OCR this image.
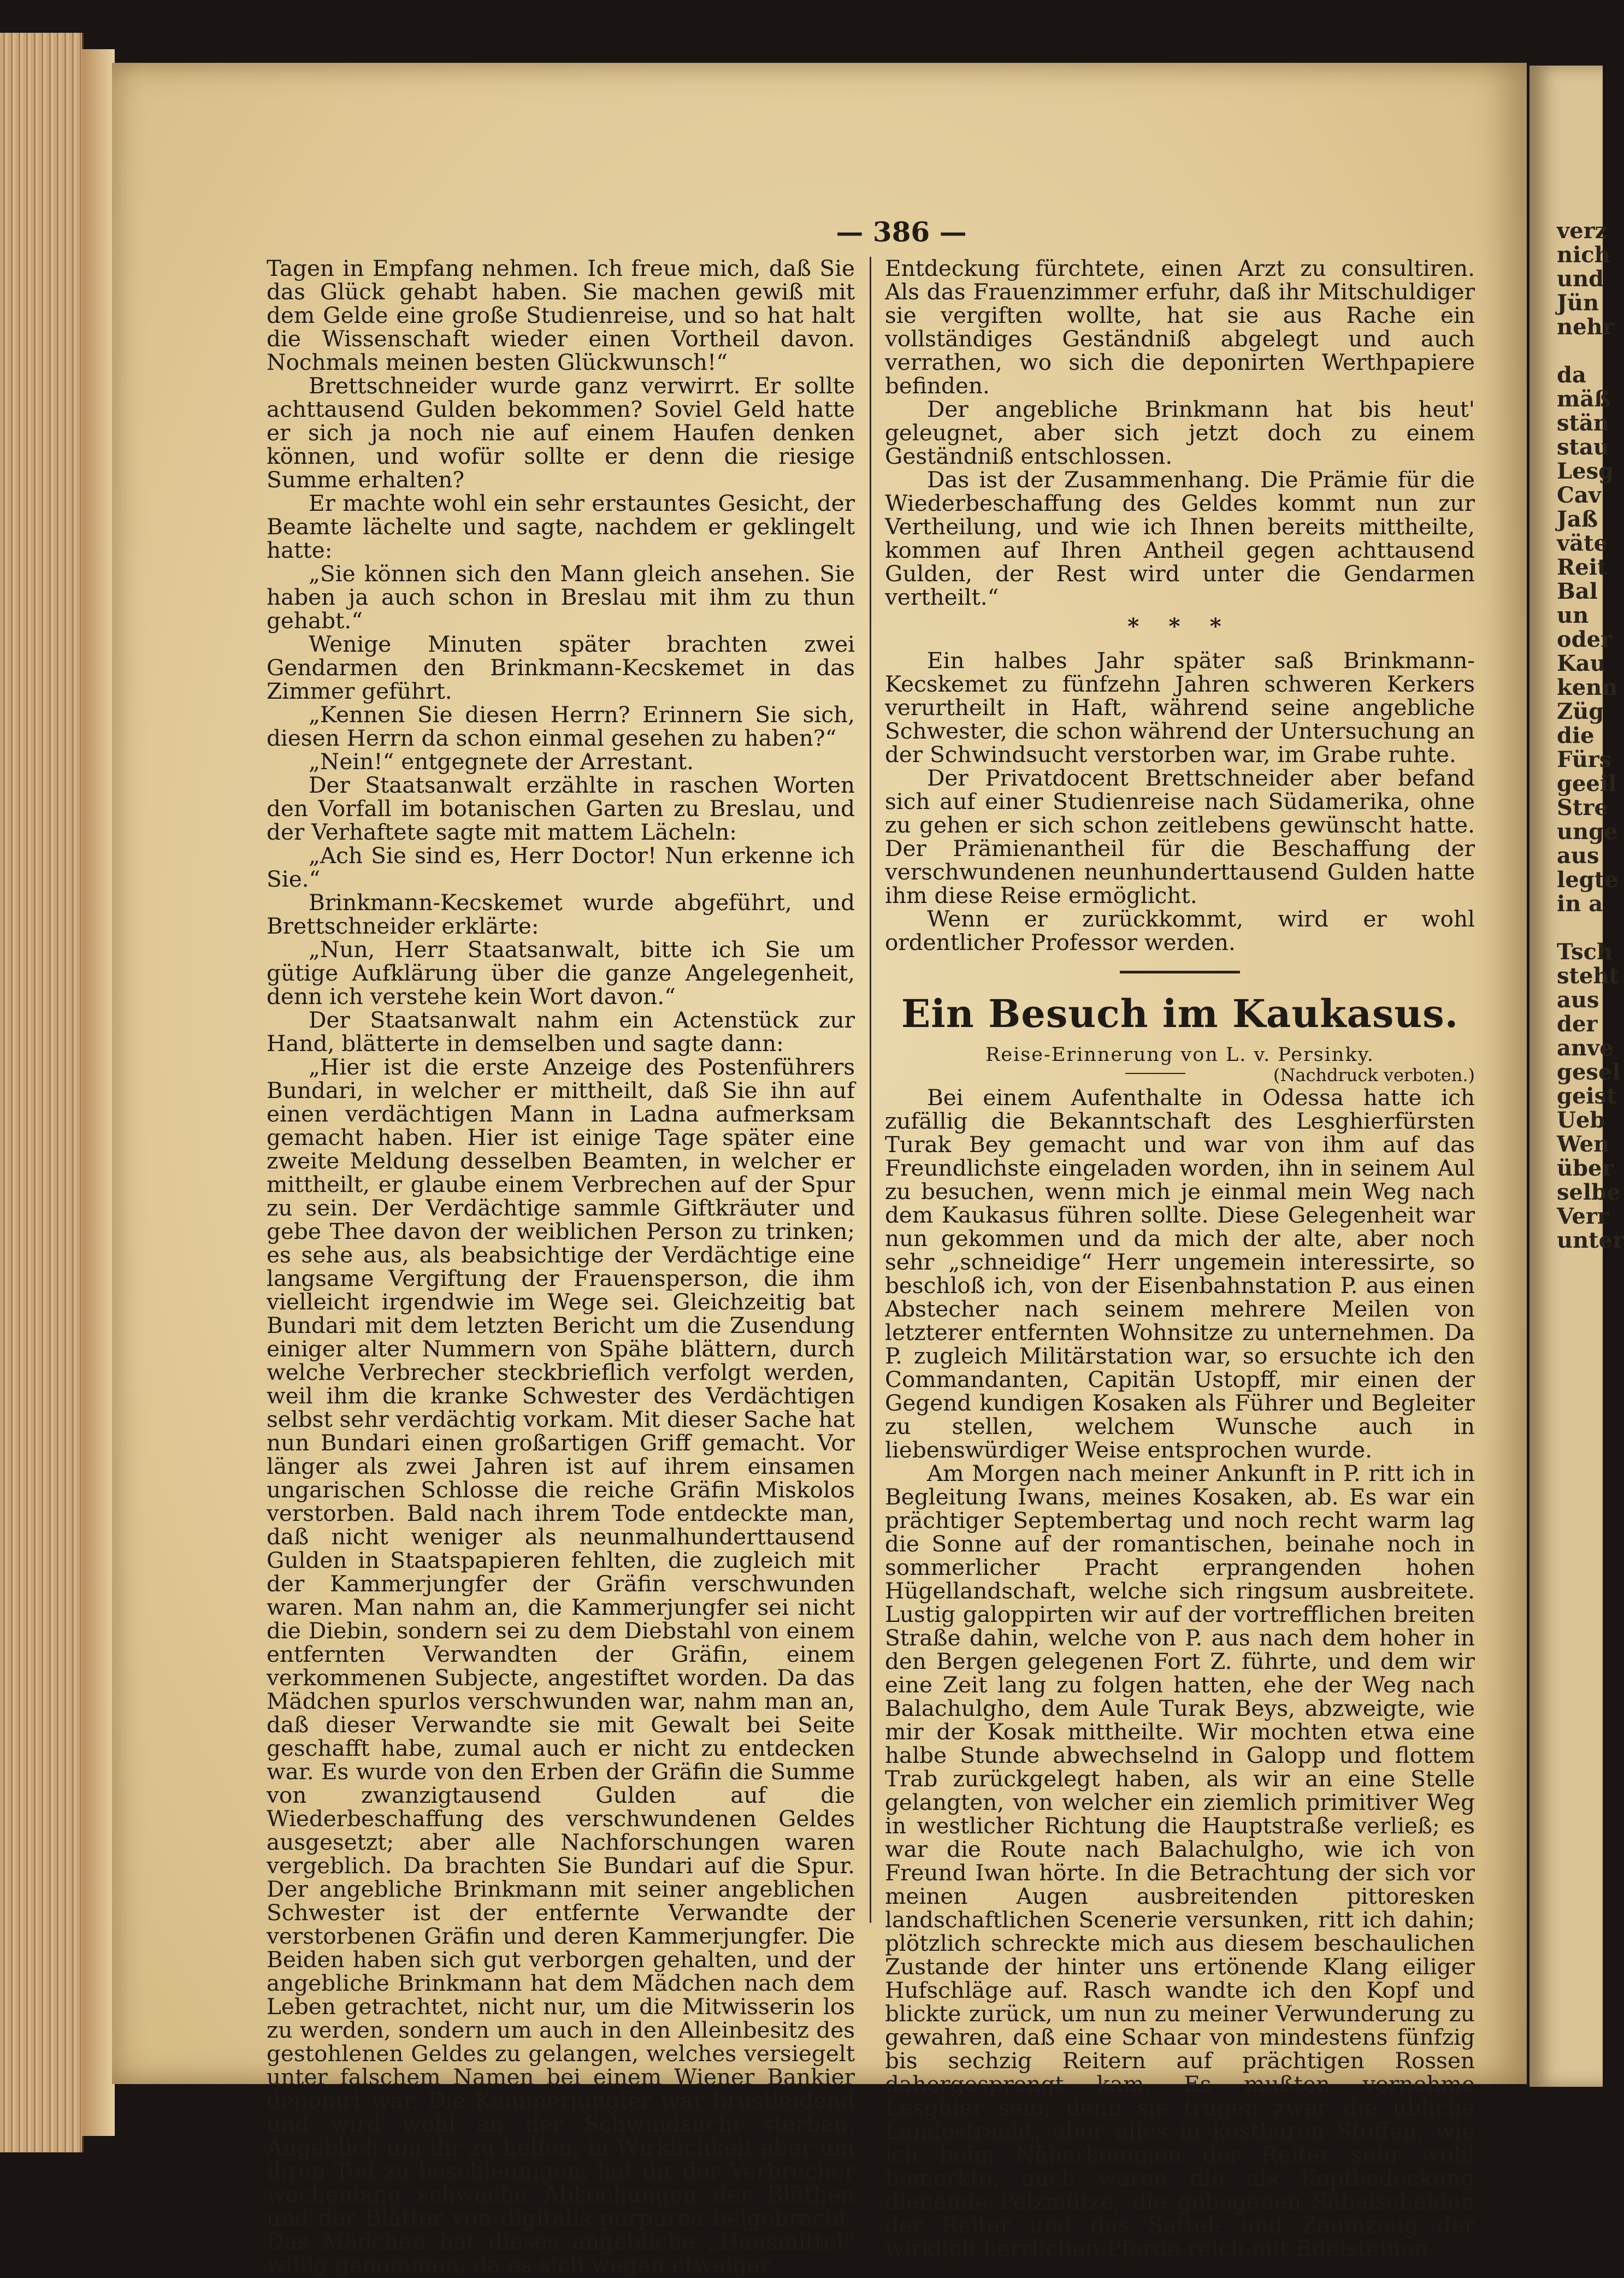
verz
nich
und
Jün
nehr
da
mäß
stän
stau
Lesg
Cav
Jaß
väte
Reit
Bal
un
oder
Kau
kenn
Züg
die
Fürs
geeil
Stre
unge
aus
legte
in a
Tsch
steht
aus
der
anve
gesel
geist
Ueb
Wen
über
selbe
Verr
unter
— 386 —

Tagen in Empfang nehmen. Ich freue mich, daß Sie das Glück gehabt haben. Sie machen gewiß mit dem Gelde eine große Studienreise, und so hat halt die Wissenschaft wieder einen Vortheil davon. Nochmals meinen besten Glückwunsch!“

Brettschneider wurde ganz verwirrt. Er sollte achttausend Gulden bekommen? Soviel Geld hatte er sich ja noch nie auf einem Haufen denken können, und wofür sollte er denn die riesige Summe erhalten?

Er machte wohl ein sehr erstauntes Gesicht, der Beamte lächelte und sagte, nachdem er geklingelt hatte:

„Sie können sich den Mann gleich ansehen. Sie haben ja auch schon in Breslau mit ihm zu thun gehabt.“

Wenige Minuten später brachten zwei Gendarmen den Brinkmann-Kecskemet in das Zimmer geführt.

„Kennen Sie diesen Herrn? Erinnern Sie sich, diesen Herrn da schon einmal gesehen zu haben?“

„Nein!“ entgegnete der Arrestant.

Der Staatsanwalt erzählte in raschen Worten den Vorfall im botanischen Garten zu Breslau, und der Verhaftete sagte mit mattem Lächeln:

„Ach Sie sind es, Herr Doctor! Nun erkenne ich Sie.“

Brinkmann-Kecskemet wurde abgeführt, und Brettschneider erklärte:

„Nun, Herr Staatsanwalt, bitte ich Sie um gütige Aufklärung über die ganze Angelegenheit, denn ich verstehe kein Wort davon.“

Der Staatsanwalt nahm ein Actenstück zur Hand, blätterte in demselben und sagte dann:

„Hier ist die erste Anzeige des Postenführers Bundari, in welcher er mittheilt, daß Sie ihn auf einen verdächtigen Mann in Ladna aufmerksam gemacht haben. Hier ist einige Tage später eine zweite Meldung desselben Beamten, in welcher er mittheilt, er glaube einem Verbrechen auf der Spur zu sein. Der Verdächtige sammle Giftkräuter und gebe Thee davon der weiblichen Person zu trinken; es sehe aus, als beabsichtige der Verdächtige eine langsame Vergiftung der Frauensperson, die ihm vielleicht irgendwie im Wege sei. Gleichzeitig bat Bundari mit dem letzten Bericht um die Zusendung einiger alter Nummern von Spähe blättern, durch welche Verbrecher steckbrieflich verfolgt werden, weil ihm die kranke Schwester des Verdächtigen selbst sehr verdächtig vorkam. Mit dieser Sache hat nun Bundari einen großartigen Griff gemacht. Vor länger als zwei Jahren ist auf ihrem einsamen ungarischen Schlosse die reiche Gräfin Miskolos verstorben. Bald nach ihrem Tode entdeckte man, daß nicht weniger als neunmalhunderttausend Gulden in Staatspapieren fehlten, die zugleich mit der Kammerjungfer der Gräfin verschwunden waren. Man nahm an, die Kammerjungfer sei nicht die Diebin, sondern sei zu dem Diebstahl von einem entfernten Verwandten der Gräfin, einem verkommenen Subjecte, angestiftet worden. Da das Mädchen spurlos verschwunden war, nahm man an, daß dieser Verwandte sie mit Gewalt bei Seite geschafft habe, zumal auch er nicht zu entdecken war. Es wurde von den Erben der Gräfin die Summe von zwanzigtausend Gulden auf die Wiederbeschaffung des verschwundenen Geldes ausgesetzt; aber alle Nachforschungen waren vergeblich. Da brachten Sie Bundari auf die Spur. Der angebliche Brinkmann mit seiner angeblichen Schwester ist der entfernte Verwandte der verstorbenen Gräfin und deren Kammerjungfer. Die Beiden haben sich gut verborgen gehalten, und der angebliche Brinkmann hat dem Mädchen nach dem Leben getrachtet, nicht nur, um die Mitwisserin los zu werden, sondern um auch in den Alleinbesitz des gestohlenen Geldes zu gelangen, welches versiegelt unter falschem Namen bei einem Wiener Bankier deponirt war. Die Kammerjungfer war brustleidend und wird wohl an der Schwindsucht sterben. Angeblich um ihr zu helfen, in Wirklichkeit aber um ihren Tod zu beschleunigen, hat ihr der Verbrecher wochenlang schwache Abkochungen der Blüthen und der Blätter von digitalis purpurea beigebracht. Das Mädchen hat dieses angebliche „Hausmittel“ willig genommen, da es sich wegen etwaiger

Entdeckung fürchtete, einen Arzt zu consultiren. Als das Frauenzimmer erfuhr, daß ihr Mitschuldiger sie vergiften wollte, hat sie aus Rache ein vollständiges Geständniß abgelegt und auch verrathen, wo sich die deponirten Werthpapiere befinden.

Der angebliche Brinkmann hat bis heut' geleugnet, aber sich jetzt doch zu einem Geständniß entschlossen.

Das ist der Zusammenhang. Die Prämie für die Wiederbeschaffung des Geldes kommt nun zur Vertheilung, und wie ich Ihnen bereits mittheilte, kommen auf Ihren Antheil gegen achttausend Gulden, der Rest wird unter die Gendarmen vertheilt.“

* * *

Ein halbes Jahr später saß Brinkmann-Kecskemet zu fünfzehn Jahren schweren Kerkers verurtheilt in Haft, während seine angebliche Schwester, die schon während der Untersuchung an der Schwindsucht verstorben war, im Grabe ruhte.

Der Privatdocent Brettschneider aber befand sich auf einer Studienreise nach Südamerika, ohne zu gehen er sich schon zeitlebens gewünscht hatte. Der Prämienantheil für die Beschaffung der verschwundenen neunhunderttausend Gulden hatte ihm diese Reise ermöglicht.

Wenn er zurückkommt, wird er wohl ordentlicher Professor werden.

Ein Besuch im Kaukasus.
Reise-Erinnerung von L. v. Persinky.
(Nachdruck verboten.)

Bei einem Aufenthalte in Odessa hatte ich zufällig die Bekanntschaft des Lesghierfürsten Turak Bey gemacht und war von ihm auf das Freundlichste eingeladen worden, ihn in seinem Aul zu besuchen, wenn mich je einmal mein Weg nach dem Kaukasus führen sollte. Diese Gelegenheit war nun gekommen und da mich der alte, aber noch sehr „schneidige“ Herr ungemein interessirte, so beschloß ich, von der Eisenbahnstation P. aus einen Abstecher nach seinem mehrere Meilen von letzterer entfernten Wohnsitze zu unternehmen. Da P. zugleich Militärstation war, so ersuchte ich den Commandanten, Capitän Ustopff, mir einen der Gegend kundigen Kosaken als Führer und Begleiter zu stellen, welchem Wunsche auch in liebenswürdiger Weise entsprochen wurde.

Am Morgen nach meiner Ankunft in P. ritt ich in Begleitung Iwans, meines Kosaken, ab. Es war ein prächtiger Septembertag und noch recht warm lag die Sonne auf der romantischen, beinahe noch in sommerlicher Pracht erprangenden hohen Hügellandschaft, welche sich ringsum ausbreitete. Lustig galoppirten wir auf der vortrefflichen breiten Straße dahin, welche von P. aus nach dem hoher in den Bergen gelegenen Fort Z. führte, und dem wir eine Zeit lang zu folgen hatten, ehe der Weg nach Balachulgho, dem Aule Turak Beys, abzweigte, wie mir der Kosak mittheilte. Wir mochten etwa eine halbe Stunde abwechselnd in Galopp und flottem Trab zurückgelegt haben, als wir an eine Stelle gelangten, von welcher ein ziemlich primitiver Weg in westlicher Richtung die Hauptstraße verließ; es war die Route nach Balachulgho, wie ich von Freund Iwan hörte. In die Betrachtung der sich vor meinen Augen ausbreitenden pittoresken landschaftlichen Scenerie versunken, ritt ich dahin; plötzlich schreckte mich aus diesem beschaulichen Zustande der hinter uns ertönende Klang eiliger Hufschläge auf. Rasch wandte ich den Kopf und blickte zurück, um nun zu meiner Verwunderung zu gewahren, daß eine Schaar von mindestens fünfzig bis sechzig Reitern auf prächtigen Rossen dahergesprengt kam. Es mußten vornehme Lesghier sein, denn sie trugen zwar die übliche Landestracht, aber alles in kostbaren Stoffen, wie ich beim Näherkommen der Reiter sehr wohl bemerkte, auch waren die als Kopfbedeckung dienende Pelzmütze, die gebogenen Säbelscheiden der Reiter und das Sattel- und Zaumzeug der wirklich herrlichen Pferde reich mit Edelsteinen
